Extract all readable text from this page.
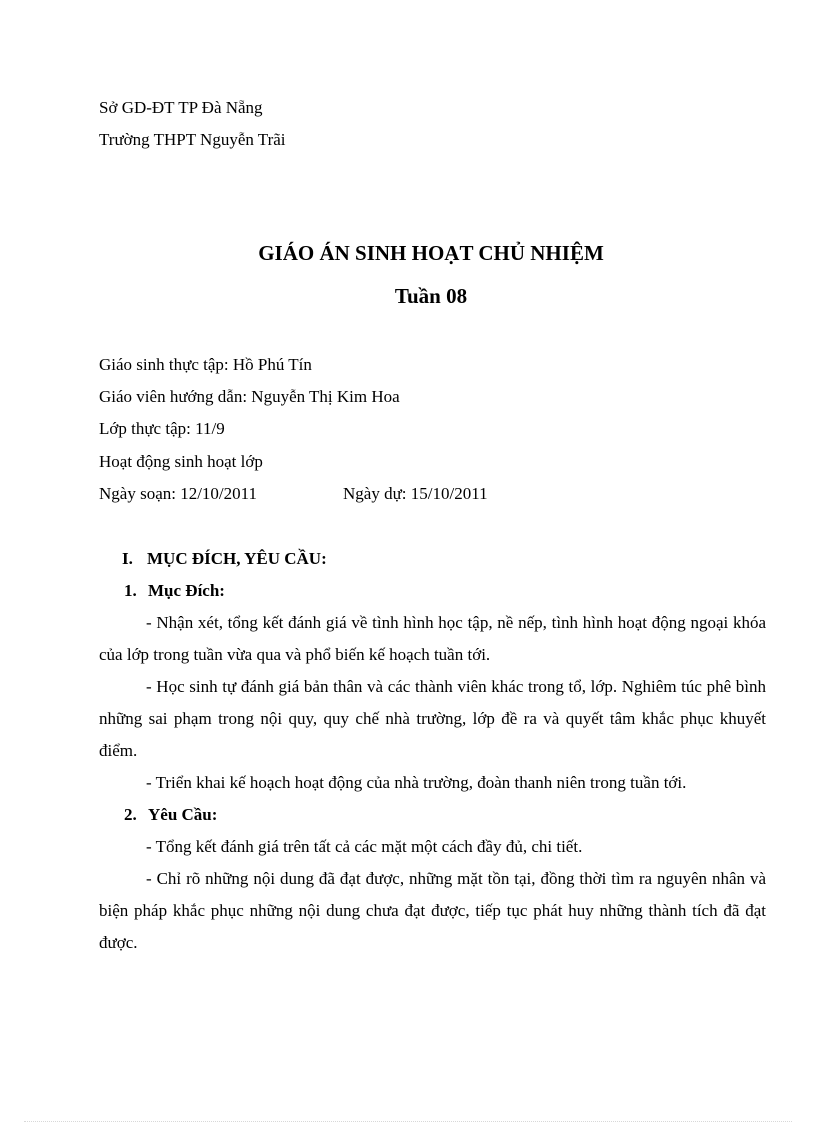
Sở GD-ĐT TP Đà Nẵng
Trường THPT Nguyễn Trãi
GIÁO ÁN SINH HOẠT CHỦ NHIỆM
Tuần 08
Giáo sinh thực tập: Hồ Phú Tín
Giáo viên hướng dẫn: Nguyễn Thị Kim Hoa
Lớp thực tập: 11/9
Hoạt động sinh hoạt lớp
Ngày soạn: 12/10/2011	Ngày dự: 15/10/2011
I. MỤC ĐÍCH, YÊU CẦU:
1. Mục Đích:
- Nhận xét, tổng kết đánh giá về tình hình học tập, nề nếp, tình hình hoạt động ngoại khóa của lớp trong tuần vừa qua và phổ biến kế hoạch tuần tới.
- Học sinh tự đánh giá bản thân và các thành viên khác trong tổ, lớp. Nghiêm túc phê bình những sai phạm trong nội quy, quy chế nhà trường, lớp đề ra và quyết tâm khắc phục khuyết điểm.
- Triển khai kế hoạch hoạt động của nhà trường, đoàn thanh niên trong tuần tới.
2. Yêu Cầu:
- Tổng kết đánh giá trên tất cả các mặt một cách đầy đủ, chi tiết.
- Chỉ rõ những nội dung đã đạt được, những mặt tồn tại, đồng thời tìm ra nguyên nhân và biện pháp khắc phục những nội dung chưa đạt được, tiếp tục phát huy những thành tích đã đạt được.
